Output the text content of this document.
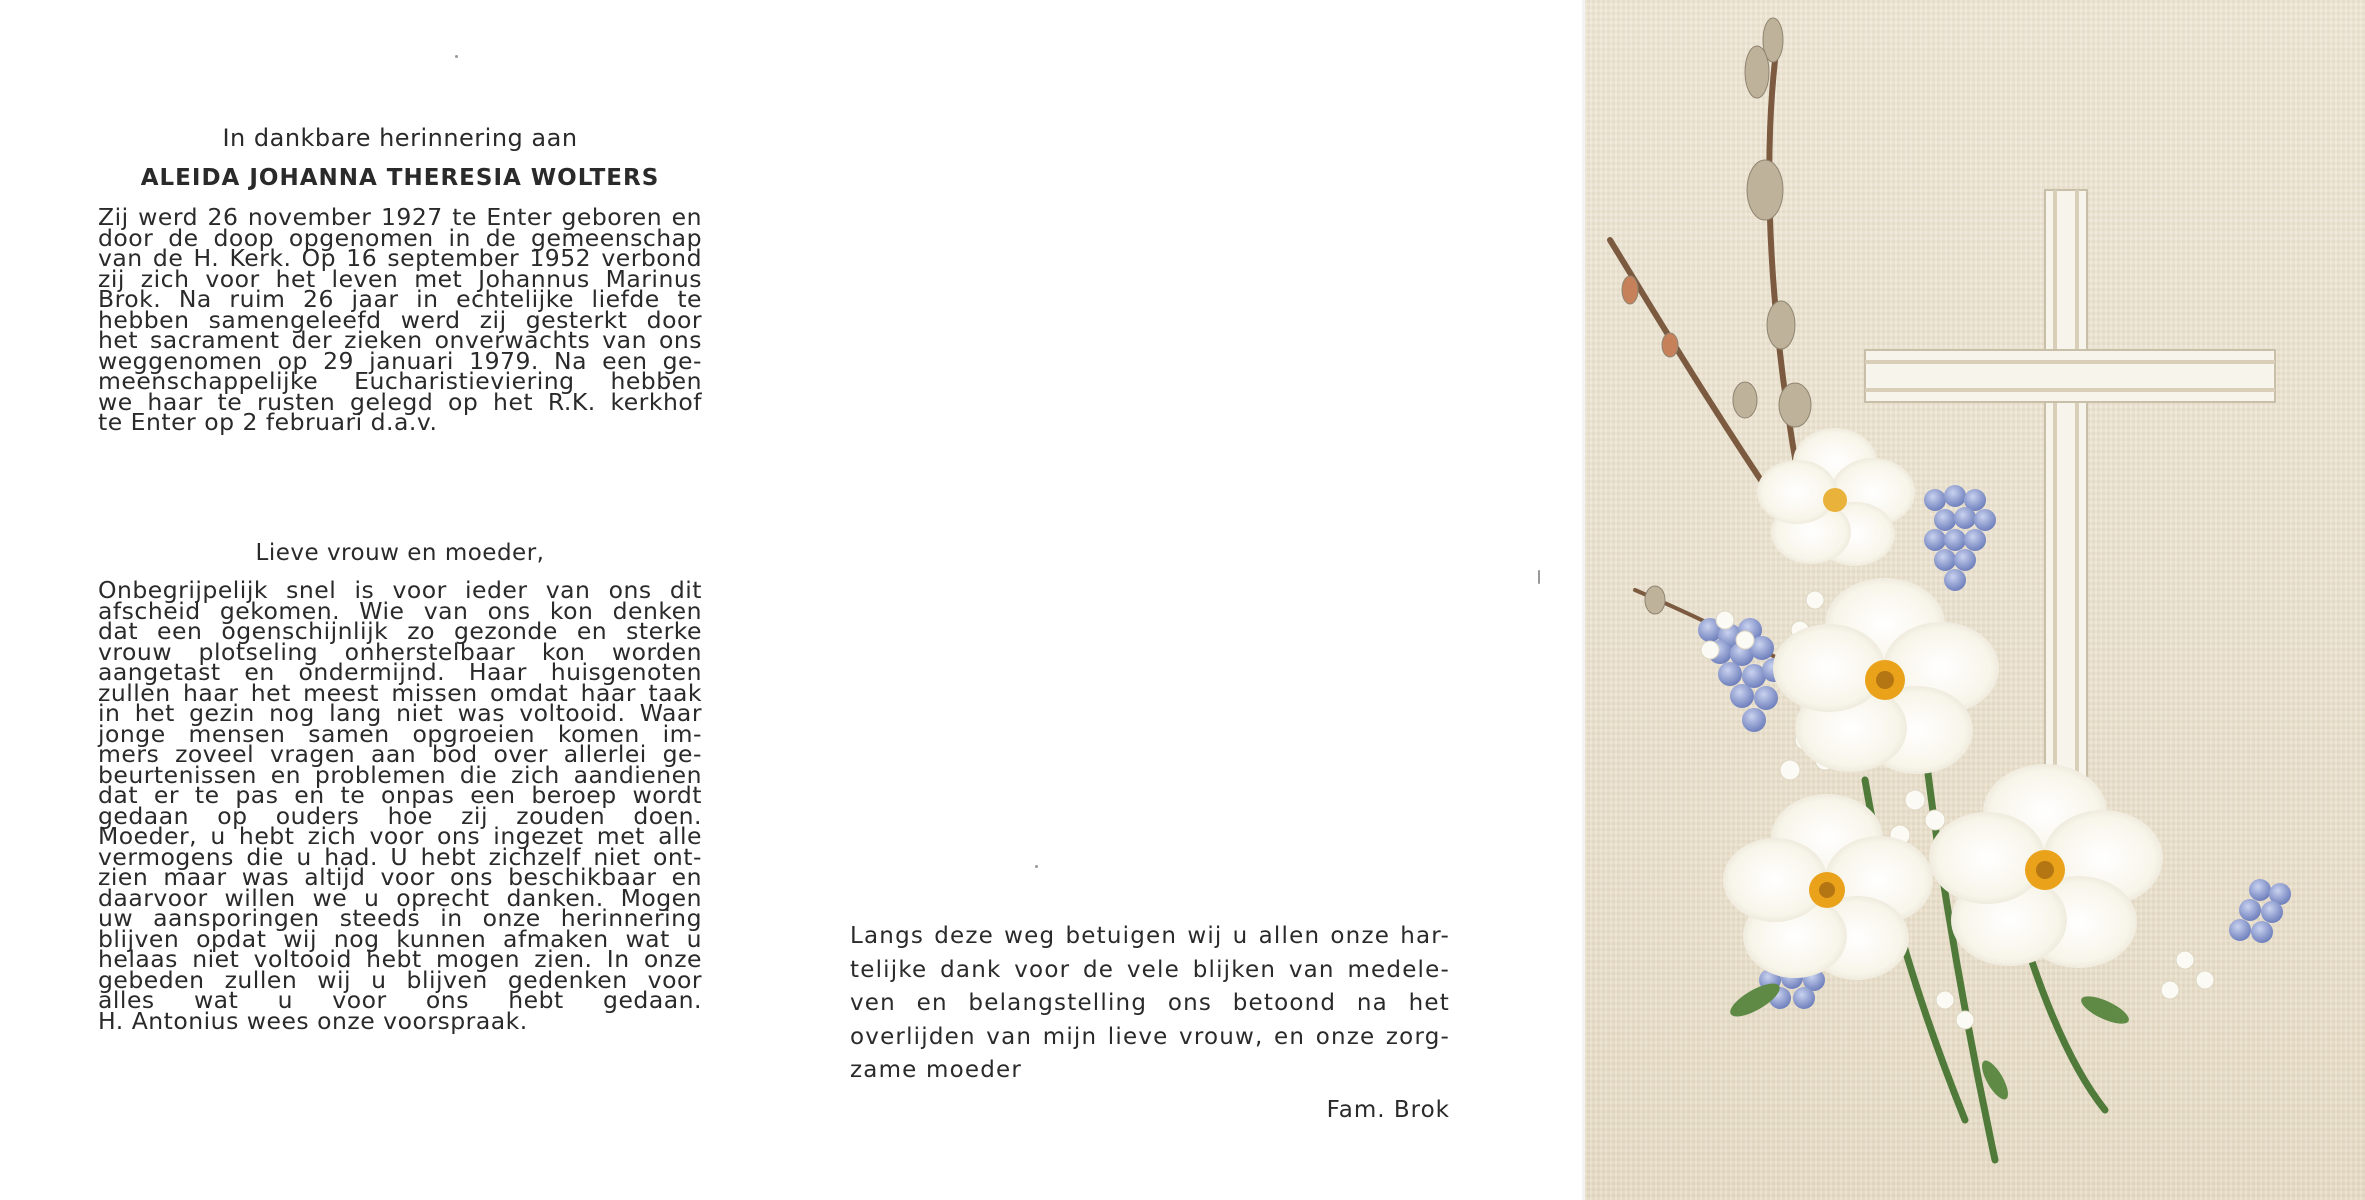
In dankbare herinnering aan
ALEIDA JOHANNA THERESIA WOLTERS
Zij werd 26 november 1927 te Enter geboren en
door de doop opgenomen in de gemeenschap
van de H. Kerk. Op 16 september 1952 verbond
zij zich voor het leven met Johannus Marinus
Brok. Na ruim 26 jaar in echtelijke liefde te
hebben samengeleefd werd zij gesterkt door
het sacrament der zieken onverwachts van ons
weggenomen op 29 januari 1979. Na een ge-
meenschappelijke Eucharistieviering hebben
we haar te rusten gelegd op het R.K. kerkhof
te Enter op 2 februari d.a.v.
Lieve vrouw en moeder,
Onbegrijpelijk snel is voor ieder van ons dit
afscheid gekomen. Wie van ons kon denken
dat een ogenschijnlijk zo gezonde en sterke
vrouw plotseling onherstelbaar kon worden
aangetast en ondermijnd. Haar huisgenoten
zullen haar het meest missen omdat haar taak
in het gezin nog lang niet was voltooid. Waar
jonge mensen samen opgroeien komen im-
mers zoveel vragen aan bod over allerlei ge-
beurtenissen en problemen die zich aandienen
dat er te pas en te onpas een beroep wordt
gedaan op ouders hoe zij zouden doen.
Moeder, u hebt zich voor ons ingezet met alle
vermogens die u had. U hebt zichzelf niet ont-
zien maar was altijd voor ons beschikbaar en
daarvoor willen we u oprecht danken. Mogen
uw aansporingen steeds in onze herinnering
blijven opdat wij nog kunnen afmaken wat u
helaas niet voltooid hebt mogen zien. In onze
gebeden zullen wij u blijven gedenken voor
alles wat u voor ons hebt gedaan.
H. Antonius wees onze voorspraak.
Langs deze weg betuigen wij u allen onze har-
telijke dank voor de vele blijken van medele-
ven en belangstelling ons betoond na het
overlijden van mijn lieve vrouw, en onze zorg-
zame moeder
Fam. Brok
